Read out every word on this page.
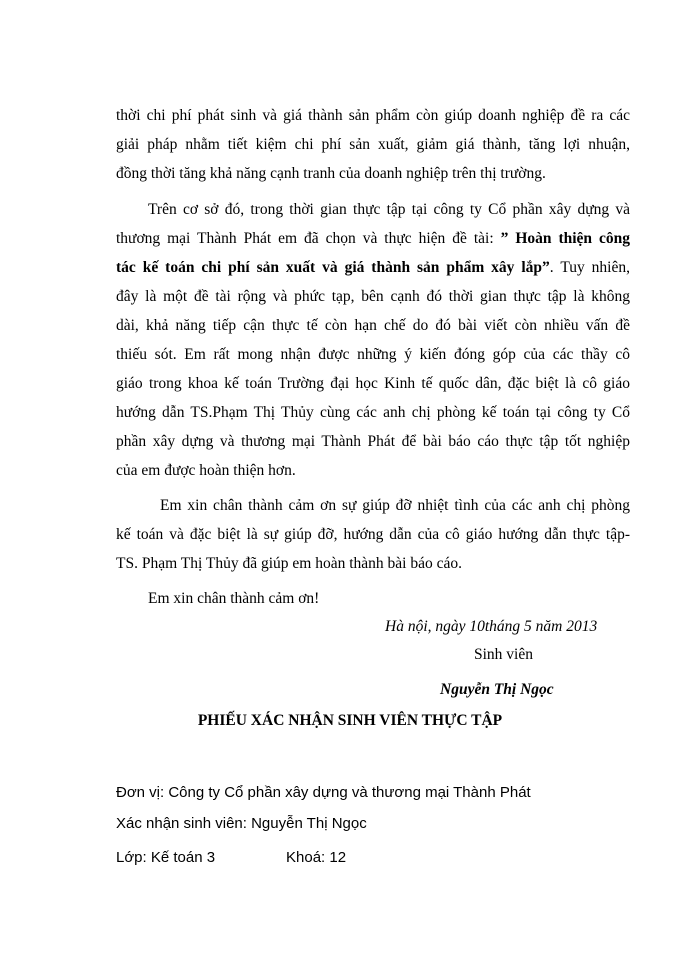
thời chi phí phát sinh và giá thành sản phẩm còn giúp doanh nghiệp đề ra các
giải pháp nhằm tiết kiệm chi phí sản xuất, giảm giá thành, tăng lợi nhuận,
đồng thời tăng khả năng cạnh tranh của doanh nghiệp trên thị trường.
Trên cơ sở đó, trong thời gian thực tập tại công ty Cổ phần xây dựng và
thương mại Thành Phát em đã chọn và thực hiện đề tài: ” Hoàn thiện công
tác kế toán chi phí sản xuất và giá thành sản phẩm xây lắp”. Tuy nhiên,
đây là một đề tài rộng và phức tạp, bên cạnh đó thời gian thực tập là không
dài, khả năng tiếp cận thực tế còn hạn chế do đó bài viết còn nhiều vấn đề
thiếu sót. Em rất mong nhận được những ý kiến đóng góp của các thầy cô
giáo trong khoa kế toán Trường đại học Kinh tế quốc dân, đặc biệt là cô giáo
hướng dẫn TS.Phạm Thị Thủy cùng các anh chị phòng kế toán tại công ty Cổ
phần xây dựng và thương mại Thành Phát để bài báo cáo thực tập tốt nghiệp
của em được hoàn thiện hơn.
Em xin chân thành cảm ơn sự giúp đỡ nhiệt tình của các anh chị phòng
kế toán và đặc biệt là sự giúp đỡ, hướng dẫn của cô giáo hướng dẫn thực tập-
TS. Phạm Thị Thủy đã giúp em hoàn thành bài báo cáo.
Em xin chân thành cảm ơn!
Hà nội, ngày 10tháng 5 năm 2013
Sinh viên
Nguyễn Thị Ngọc
PHIẾU XÁC NHẬN SINH VIÊN THỰC TẬP
Đơn vị: Công ty Cổ phần xây dựng và thương mại Thành Phát
Xác nhận sinh viên: Nguyễn Thị Ngọc
Lớp: Kế toán 3	Khoá: 12
